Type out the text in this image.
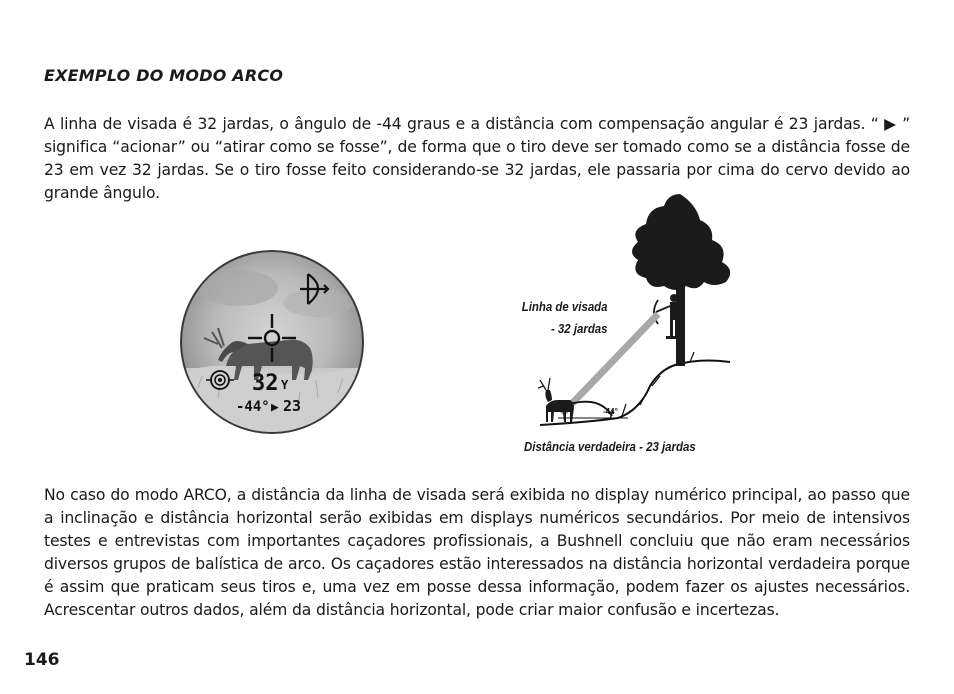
EXEMPLO DO MODO ARCO

A linha de visada é 32 jardas, o ângulo de -44 graus e a distância com compensação angular é 23 jardas. “ ▶ ” significa “acionar” ou “atirar como se fosse”, de forma que o tiro deve ser tomado como se a distância fosse de 23 em vez 32 jardas. Se o tiro fosse feito considerando-se 32 jardas, ele passaria por cima do cervo devido ao grande ângulo.

32 Y
-44° ▶ 23	-44°
Linha de visada
- 32 jardas
Distância verdadeira - 23 jardas

No caso do modo ARCO, a distância da linha de visada será exibida no display numérico principal, ao passo que a inclinação e distância horizontal serão exibidas em displays numéricos secundários. Por meio de intensivos testes e entrevistas com importantes caçadores profissionais, a Bushnell concluiu que não eram necessários diversos grupos de balística de arco. Os caçadores estão interessados na distância horizontal verdadeira porque é assim que praticam seus tiros e, uma vez em posse dessa informação, podem fazer os ajustes necessários. Acrescentar outros dados, além da distância horizontal, pode criar maior confusão e incertezas.

146
